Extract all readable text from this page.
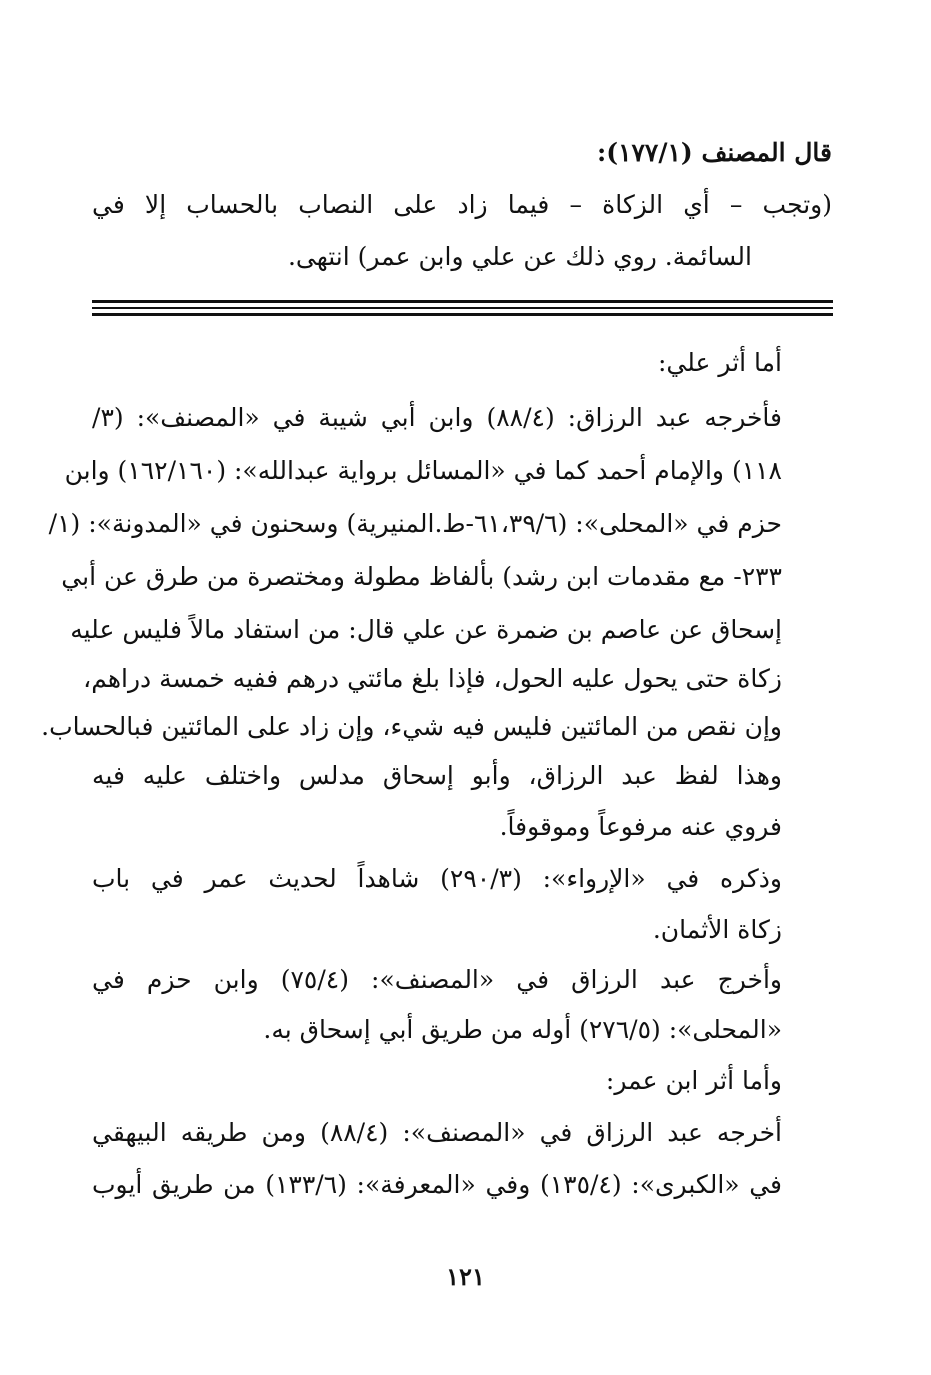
قال المصنف (١٧٧/١):
(وتجب – أي الزكاة – فيما زاد على النصاب بالحساب إلا في
السائمة. روي ذلك عن علي وابن عمر) انتهى.
أما أثر علي:
فأخرجه عبد الرزاق: (٨٨/٤) وابن أبي شيبة في «المصنف»: (٣/
١١٨) والإمام أحمد كما في «المسائل برواية عبدالله»: (١٦٢/١٦٠) وابن
حزم في «المحلى»: (٦١،٣٩/٦-ط.المنيرية) وسحنون في «المدونة»: (١/
٢٣٣- مع مقدمات ابن رشد) بألفاظ مطولة ومختصرة من طرق عن أبي
إسحاق عن عاصم بن ضمرة عن علي قال: من استفاد مالاً فليس عليه
زكاة حتى يحول عليه الحول، فإذا بلغ مائتي درهم ففيه خمسة دراهم،
وإن نقص من المائتين فليس فيه شيء، وإن زاد على المائتين فبالحساب.
وهذا لفظ عبد الرزاق، وأبو إسحاق مدلس واختلف عليه فيه
فروي عنه مرفوعاً وموقوفاً.
وذكره في «الإرواء»: (٢٩٠/٣) شاهداً لحديث عمر في باب
زكاة الأثمان.
وأخرج عبد الرزاق في «المصنف»: (٧٥/٤) وابن حزم في
«المحلى»: (٢٧٦/٥) أوله من طريق أبي إسحاق به.
وأما أثر ابن عمر:
أخرجه عبد الرزاق في «المصنف»: (٨٨/٤) ومن طريقه البيهقي
في «الكبرى»: (١٣٥/٤) وفي «المعرفة»: (١٣٣/٦) من طريق أيوب
١٢١
